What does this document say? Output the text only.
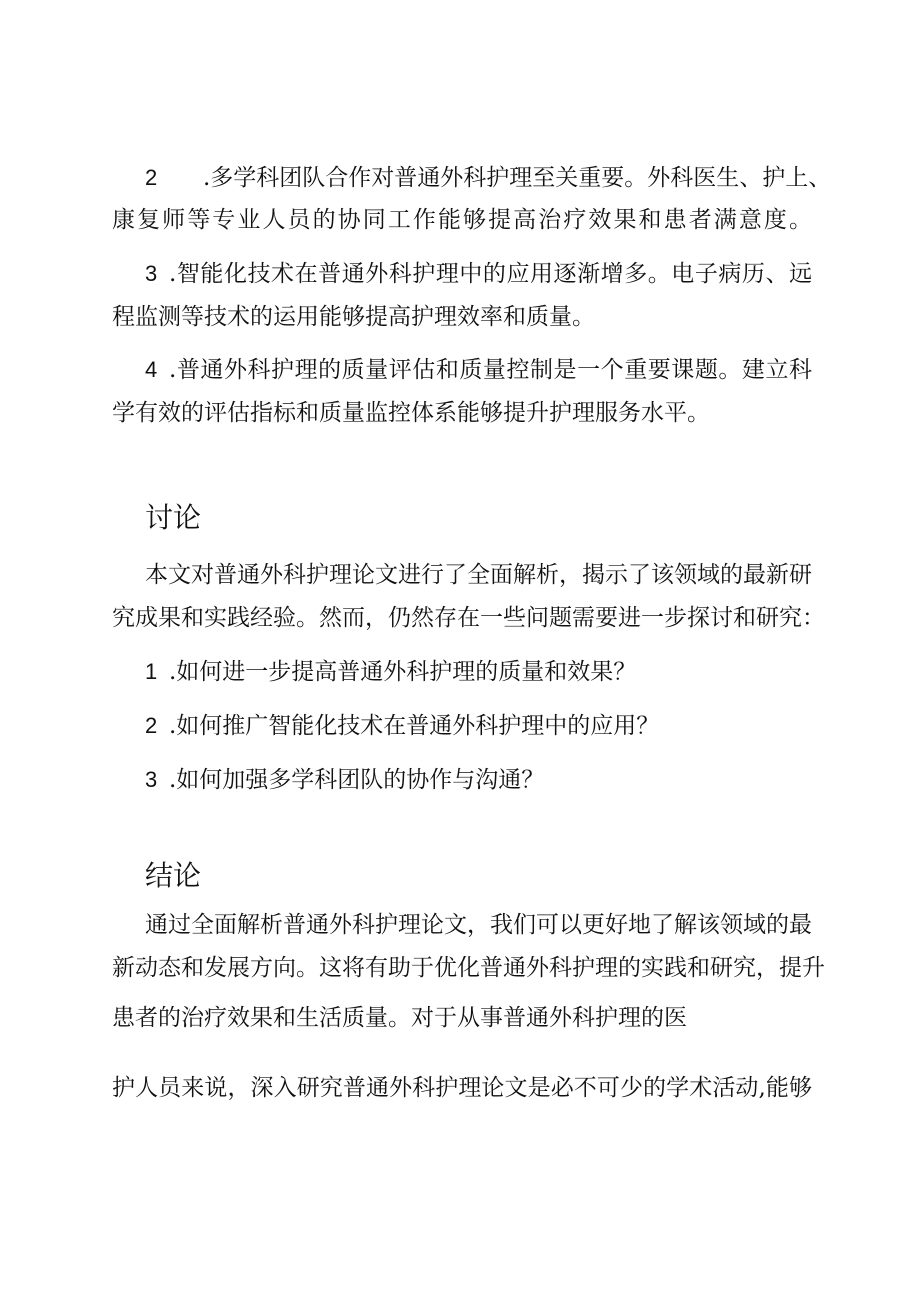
2 .多学科团队合作对普通外科护理至关重要。外科医生、护上、
康复师等专业人员的协同工作能够提高治疗效果和患者满意度。
3 .智能化技术在普通外科护理中的应用逐渐增多。电子病历、远
程监测等技术的运用能够提高护理效率和质量。
4 .普通外科护理的质量评估和质量控制是一个重要课题。建立科
学有效的评估指标和质量监控体系能够提升护理服务水平。
讨论
本文对普通外科护理论文进行了全面解析，揭示了该领域的最新研
究成果和实践经验。然而，仍然存在一些问题需要进一步探讨和研究：
1 .如何进一步提高普通外科护理的质量和效果？
2 .如何推广智能化技术在普通外科护理中的应用？
3 .如何加强多学科团队的协作与沟通？
结论
通过全面解析普通外科护理论文，我们可以更好地了解该领域的最
新动态和发展方向。这将有助于优化普通外科护理的实践和研究，提升
患者的治疗效果和生活质量。对于从事普通外科护理的医
护人员来说，深入研究普通外科护理论文是必不可少的学术活动,能够
